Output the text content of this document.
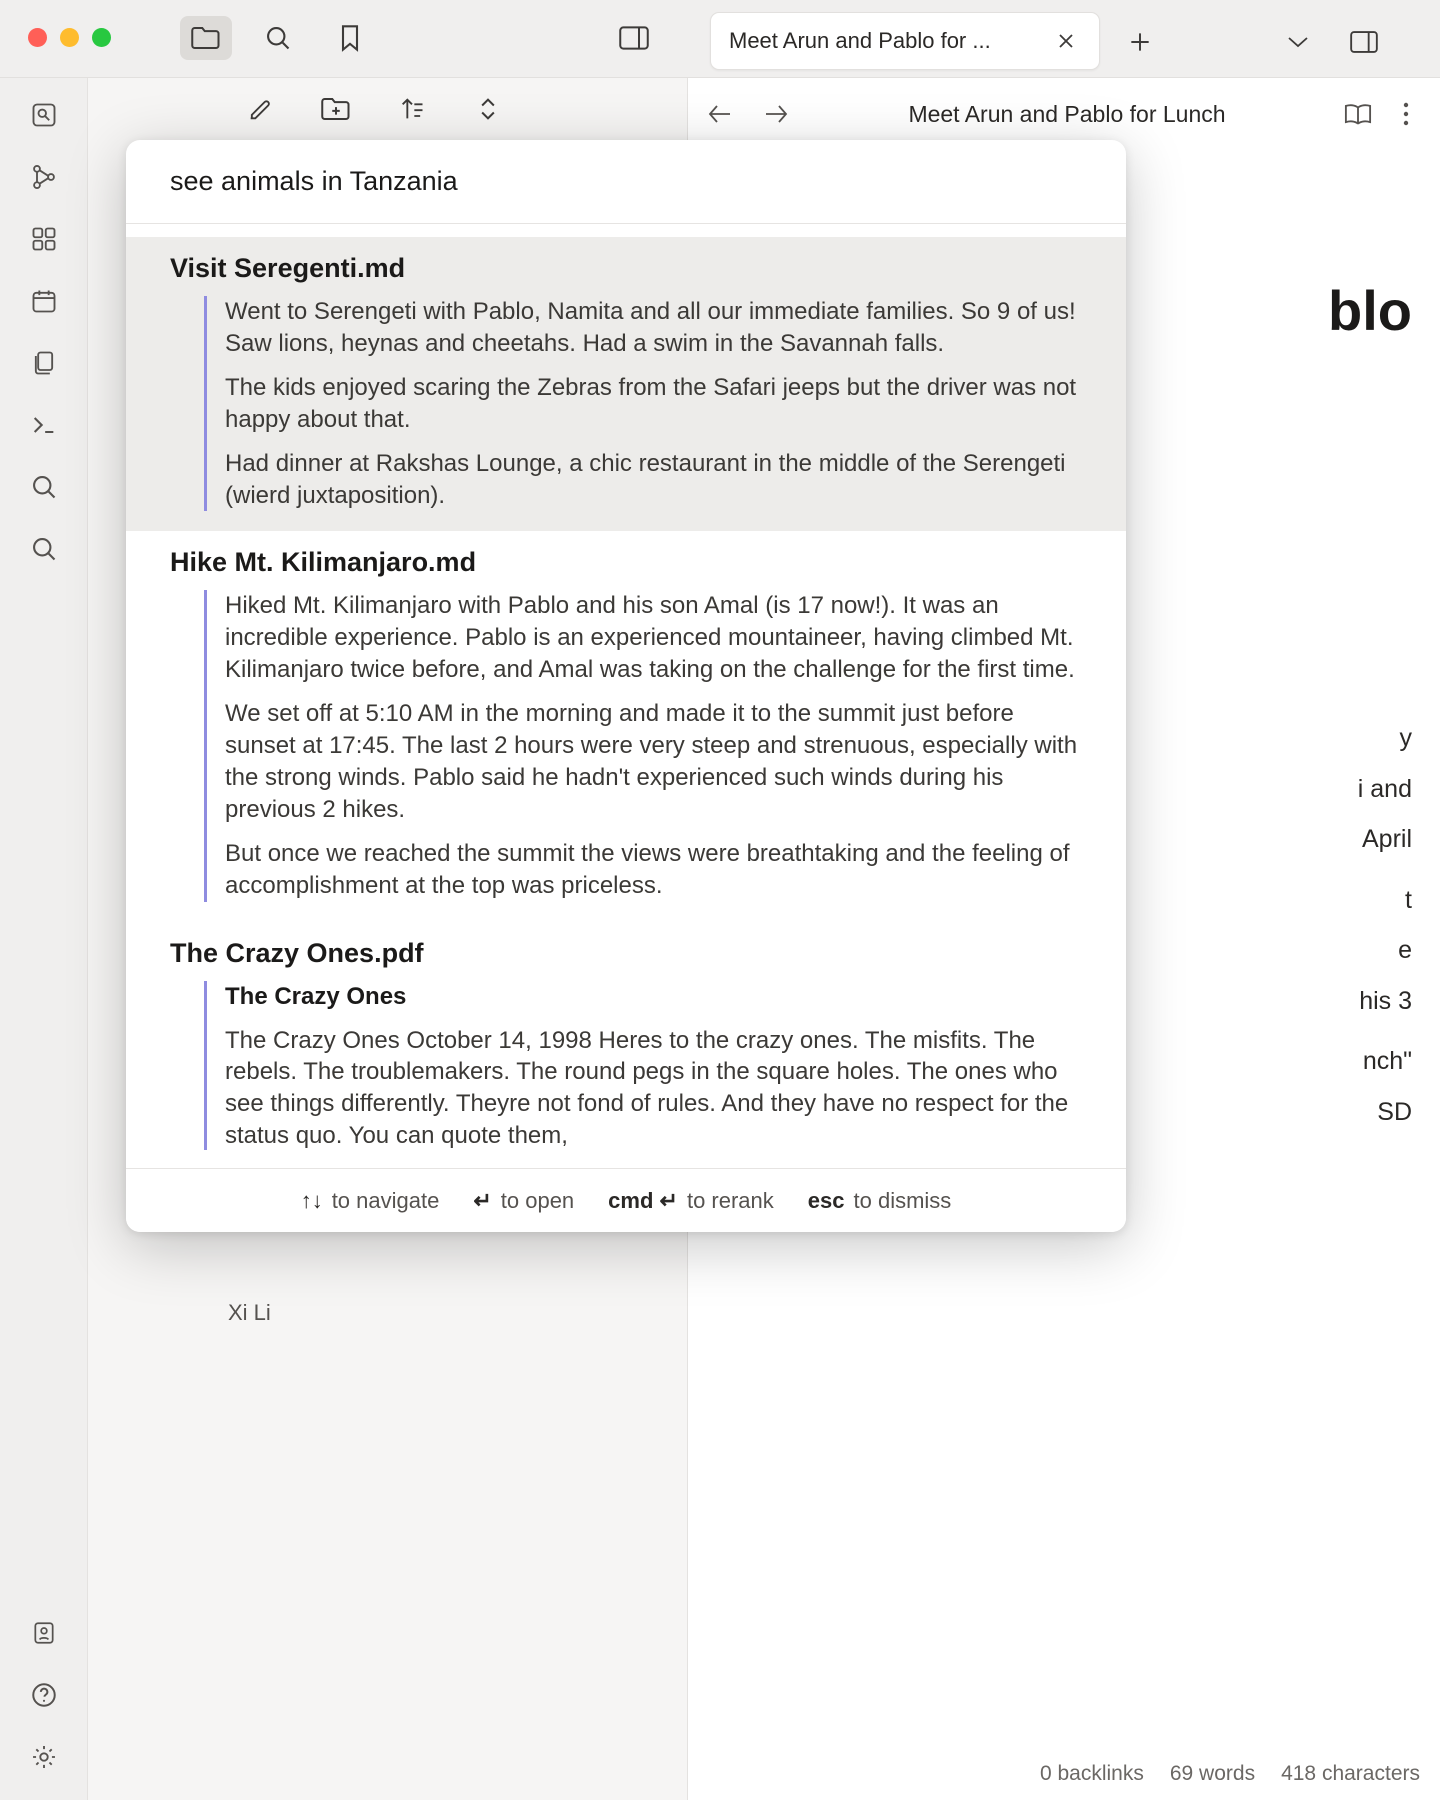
Meet Arun and Pablo for ...
Xi Li
Meet Arun and Pablo for Lunch
blo

y

i and

April

t

e

his 3

nch"

SD

0 backlinks 69 words 418 characters
see animals in Tanzania
Visit Seregenti.md

Went to Serengeti with Pablo, Namita and all our immediate families. So 9 of us! Saw lions, heynas and cheetahs. Had a swim in the Savannah falls.

The kids enjoyed scaring the Zebras from the Safari jeeps but the driver was not happy about that.

Had dinner at Rakshas Lounge, a chic restaurant in the middle of the Serengeti (wierd juxtaposition).

Hike Mt. Kilimanjaro.md

Hiked Mt. Kilimanjaro with Pablo and his son Amal (is 17 now!). It was an incredible experience. Pablo is an experienced mountaineer, having climbed Mt. Kilimanjaro twice before, and Amal was taking on the challenge for the first time.

We set off at 5:10 AM in the morning and made it to the summit just before sunset at 17:45. The last 2 hours were very steep and strenuous, especially with the strong winds. Pablo said he hadn't experienced such winds during his previous 2 hikes.

But once we reached the summit the views were breathtaking and the feeling of accomplishment at the top was priceless.

The Crazy Ones.pdf

The Crazy Ones

The Crazy Ones October 14, 1998 Heres to the crazy ones. The misfits. The rebels. The troublemakers. The round pegs in the square holes. The ones who see things differently. Theyre not fond of rules. And they have no respect for the status quo. You can quote them,

↑↓ to navigate ↵ to open cmd ↵ to rerank esc to dismiss
